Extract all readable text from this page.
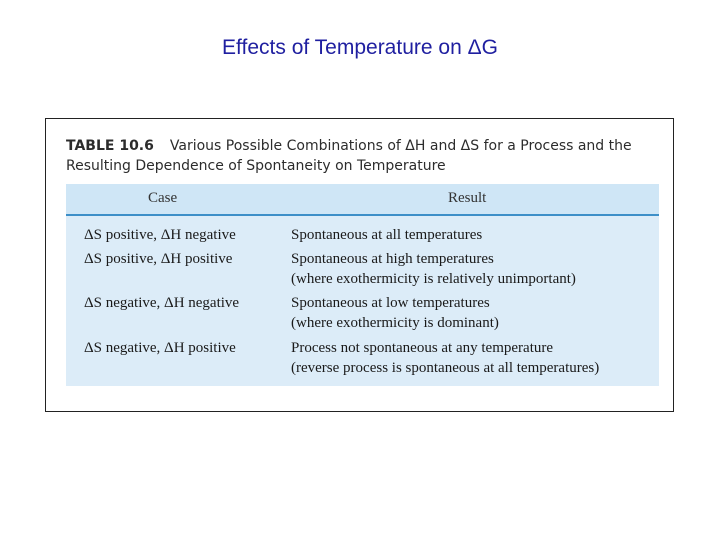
Effects of Temperature on ΔG
TABLE 10.6 Various Possible Combinations of ΔH and ΔS for a Process and the Resulting Dependence of Spontaneity on Temperature
Case	Result
ΔS positive, ΔH negative	Spontaneous at all temperatures
ΔS positive, ΔH positive	Spontaneous at high temperatures
(where exothermicity is relatively unimportant)
ΔS negative, ΔH negative	Spontaneous at low temperatures
(where exothermicity is dominant)
ΔS negative, ΔH positive	Process not spontaneous at any temperature
(reverse process is spontaneous at all temperatures)
